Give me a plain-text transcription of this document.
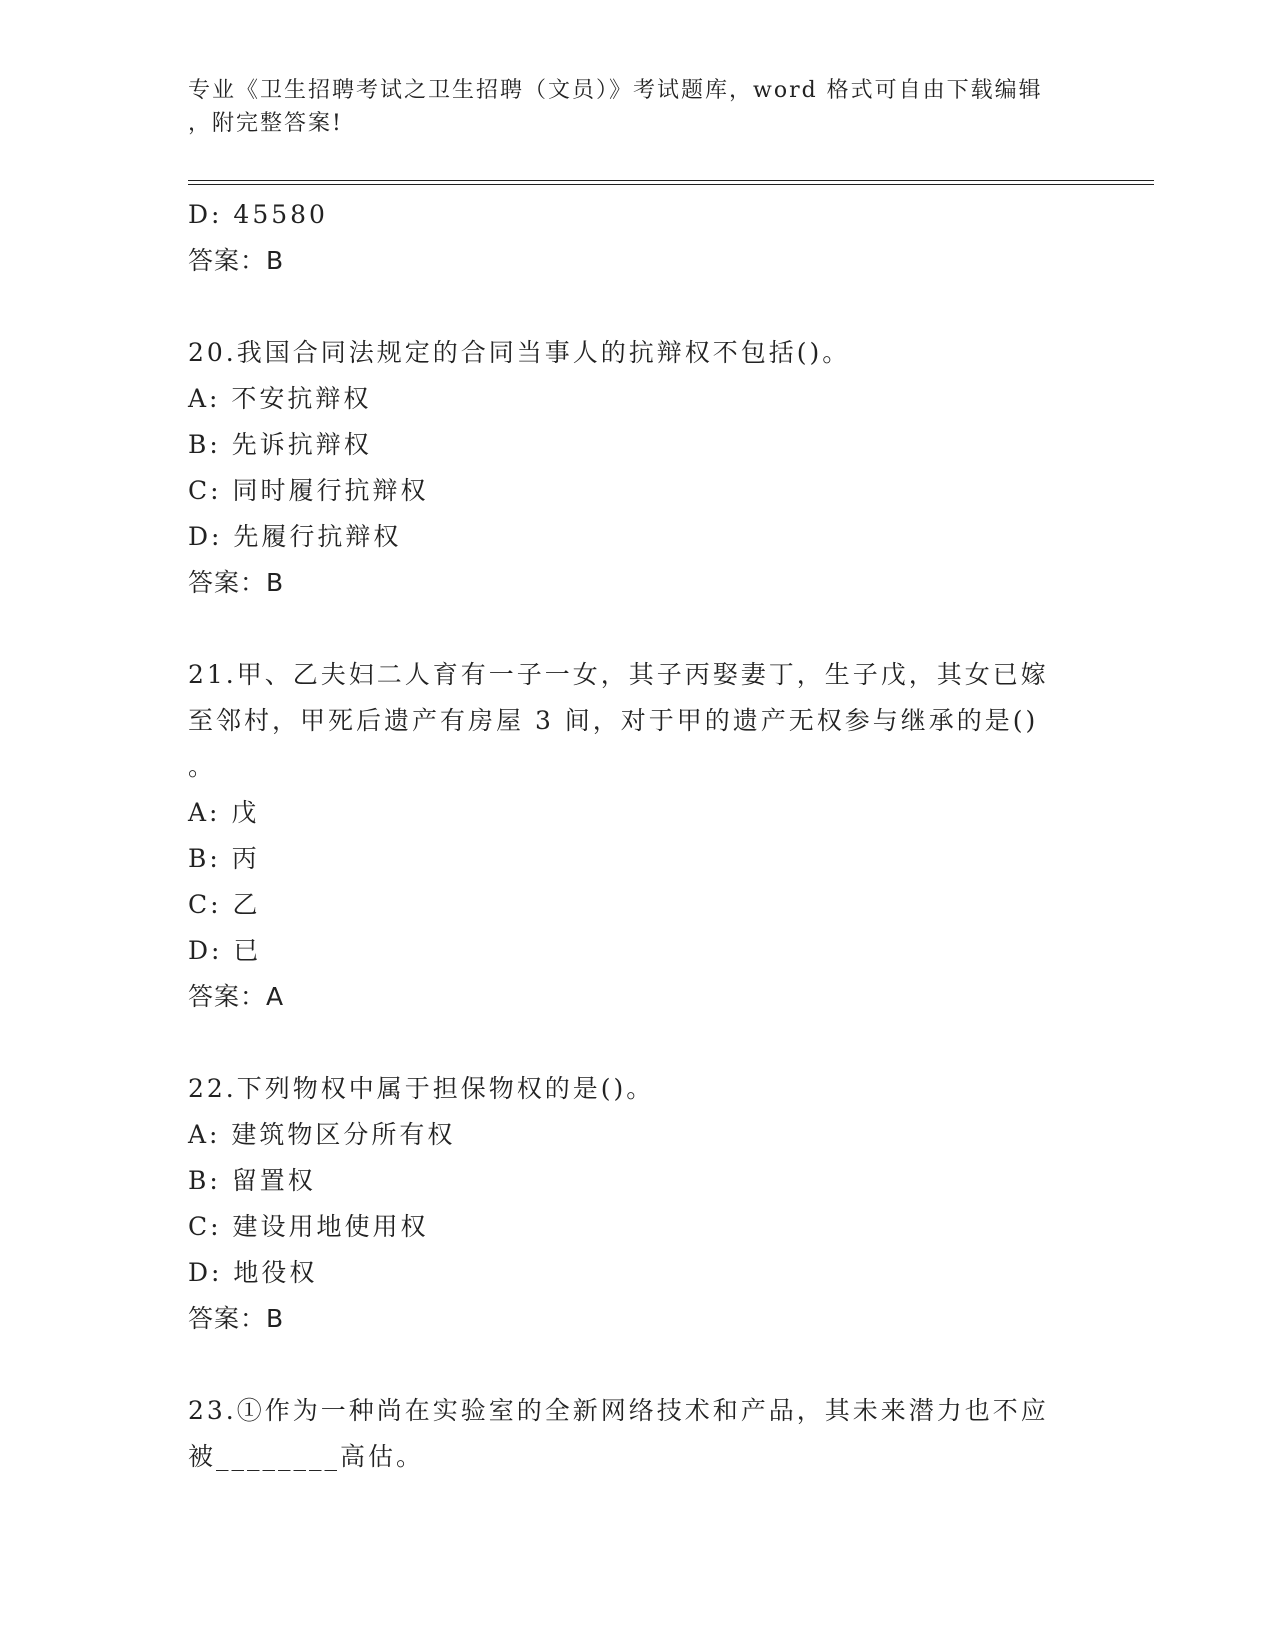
专业《卫生招聘考试之卫生招聘（文员）》考试题库，word 格式可自由下载编辑
，附完整答案!
D: 45580
答案：B
20.我国合同法规定的合同当事人的抗辩权不包括()。
A: 不安抗辩权
B: 先诉抗辩权
C: 同时履行抗辩权
D: 先履行抗辩权
答案：B
21.甲、乙夫妇二人育有一子一女，其子丙娶妻丁，生子戊，其女已嫁
至邻村，甲死后遗产有房屋 3 间，对于甲的遗产无权参与继承的是()
。
A: 戊
B: 丙
C: 乙
D: 已
答案：A
22.下列物权中属于担保物权的是()。
A: 建筑物区分所有权
B: 留置权
C: 建设用地使用权
D: 地役权
答案：B
23.①作为一种尚在实验室的全新网络技术和产品，其未来潜力也不应
被________高估。
